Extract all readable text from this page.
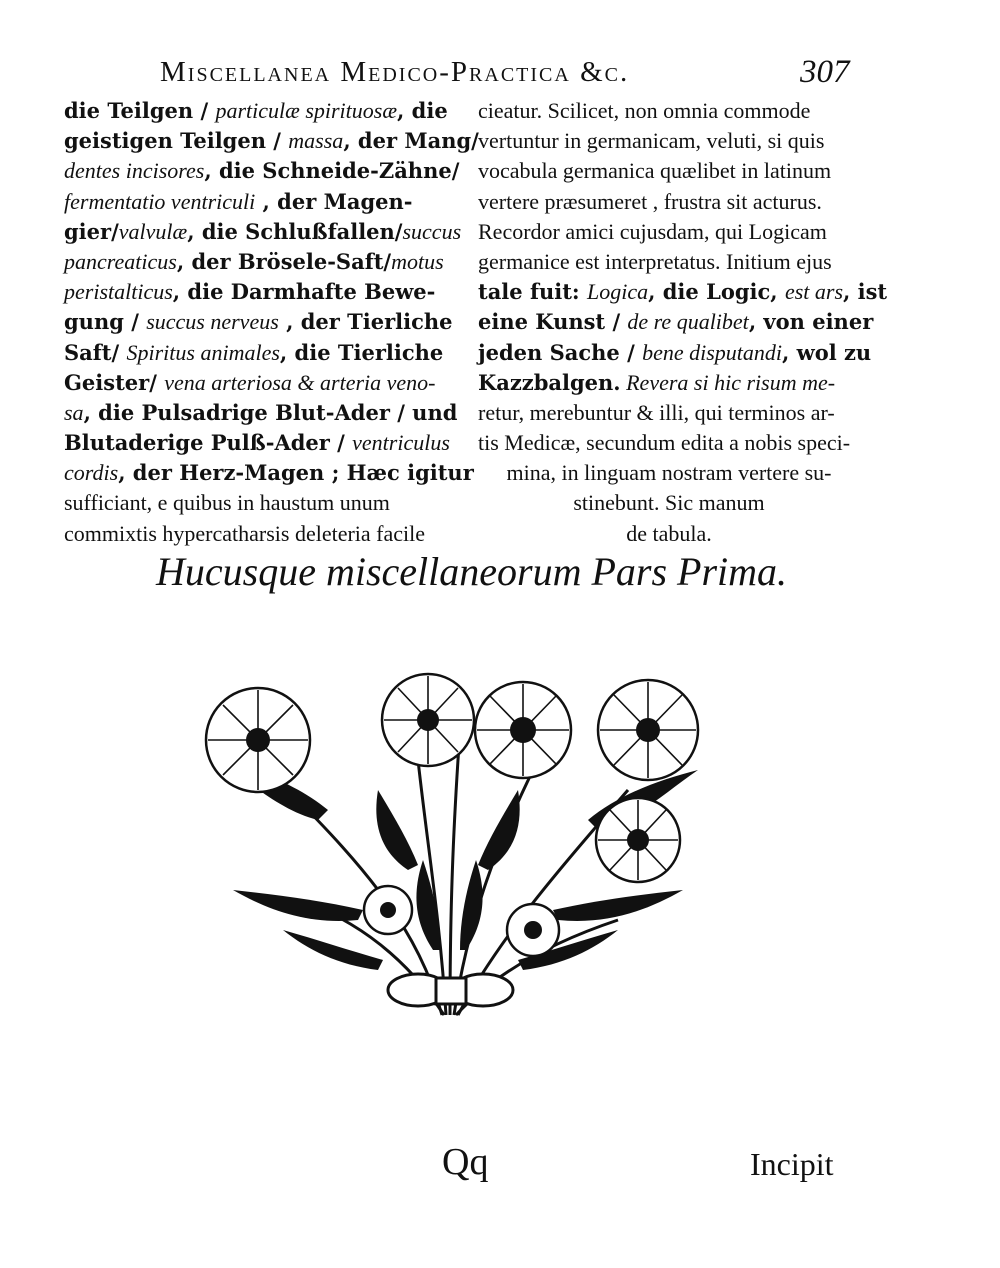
Miscellanea Medico-Practica &c.	307
die Teilgen / particulæ spirituosæ, die
geistigen Teilgen / massa, der Mang/
dentes incisores, die Schneide-Zähne/
fermentatio ventriculi , der Magen-
gier/valvulæ, die Schlußfallen/succus
pancreaticus, der Brösele-Saft/motus
peristalticus, die Darmhafte Bewe-
gung / succus nerveus , der Tierliche
Saft/ Spiritus animales, die Tierliche
Geister/ vena arteriosa & arteria veno-
sa, die Pulsadrige Blut-Ader / und
Blutaderige Pulß-Ader / ventriculus
cordis, der Herz-Magen ; Hæc igitur
sufficiant, e quibus in haustum unum
commixtis hypercatharsis deleteria facile
cieatur. Scilicet, non omnia commode
vertuntur in germanicam, veluti, si quis
vocabula germanica quælibet in latinum
vertere præsumeret , frustra sit acturus.
Recordor amici cujusdam, qui Logicam
germanice est interpretatus. Initium ejus
tale fuit: Logica, die Logic, est ars, ist
eine Kunst / de re qualibet, von einer
jeden Sache / bene disputandi, wol zu
Kazzbalgen. Revera si hic risum me-
retur, merebuntur & illi, qui terminos ar-
tis Medicæ, secundum edita a nobis speci-
mina, in linguam nostram vertere su-
stinebunt. Sic manum
de tabula.
Hucusque miscellaneorum Pars Prima.
Qq	Incipit
